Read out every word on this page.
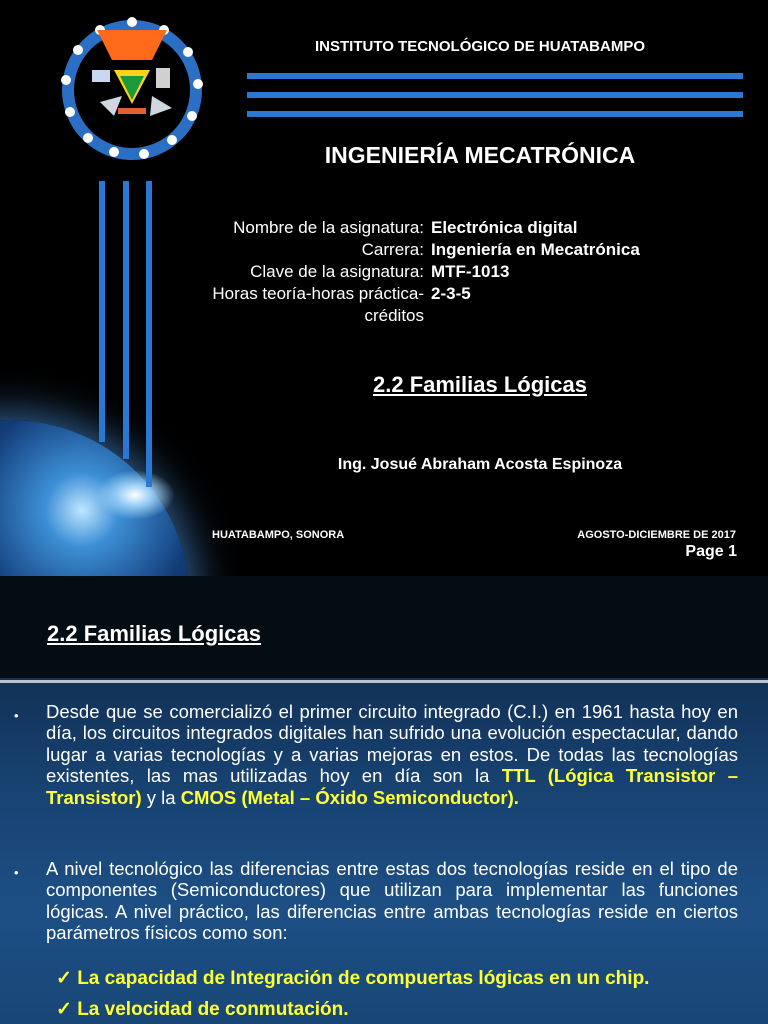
INSTITUTO TECNOLÓGICO DE HUATABAMPO
INGENIERÍA MECATRÓNICA
Nombre de la asignatura:
Carrera:
Clave de la asignatura:
Horas teoría-horas práctica-
créditos
Electrónica digital
Ingeniería en Mecatrónica
MTF-1013
2-3-5
2.2 Familias Lógicas
Ing. Josué Abraham Acosta Espinoza
HUATABAMPO, SONORA	AGOSTO-DICIEMBRE DE 2017
Page 1
2.2 Familias Lógicas
• Desde que se comercializó el primer circuito integrado (C.I.) en 1961 hasta hoy en día, los circuitos integrados digitales han sufrido una evolución espectacular, dando lugar a varias tecnologías y a varias mejoras en estos. De todas las tecnologías existentes, las mas utilizadas hoy en día son la TTL (Lógica Transistor – Transistor) y la CMOS (Metal – Óxido Semiconductor).
• A nivel tecnológico las diferencias entre estas dos tecnologías reside en el tipo de componentes (Semiconductores) que utilizan para implementar las funciones lógicas. A nivel práctico, las diferencias entre ambas tecnologías reside en ciertos parámetros físicos como son:
✓ La capacidad de Integración de compuertas lógicas en un chip.
✓ La velocidad de conmutación.
